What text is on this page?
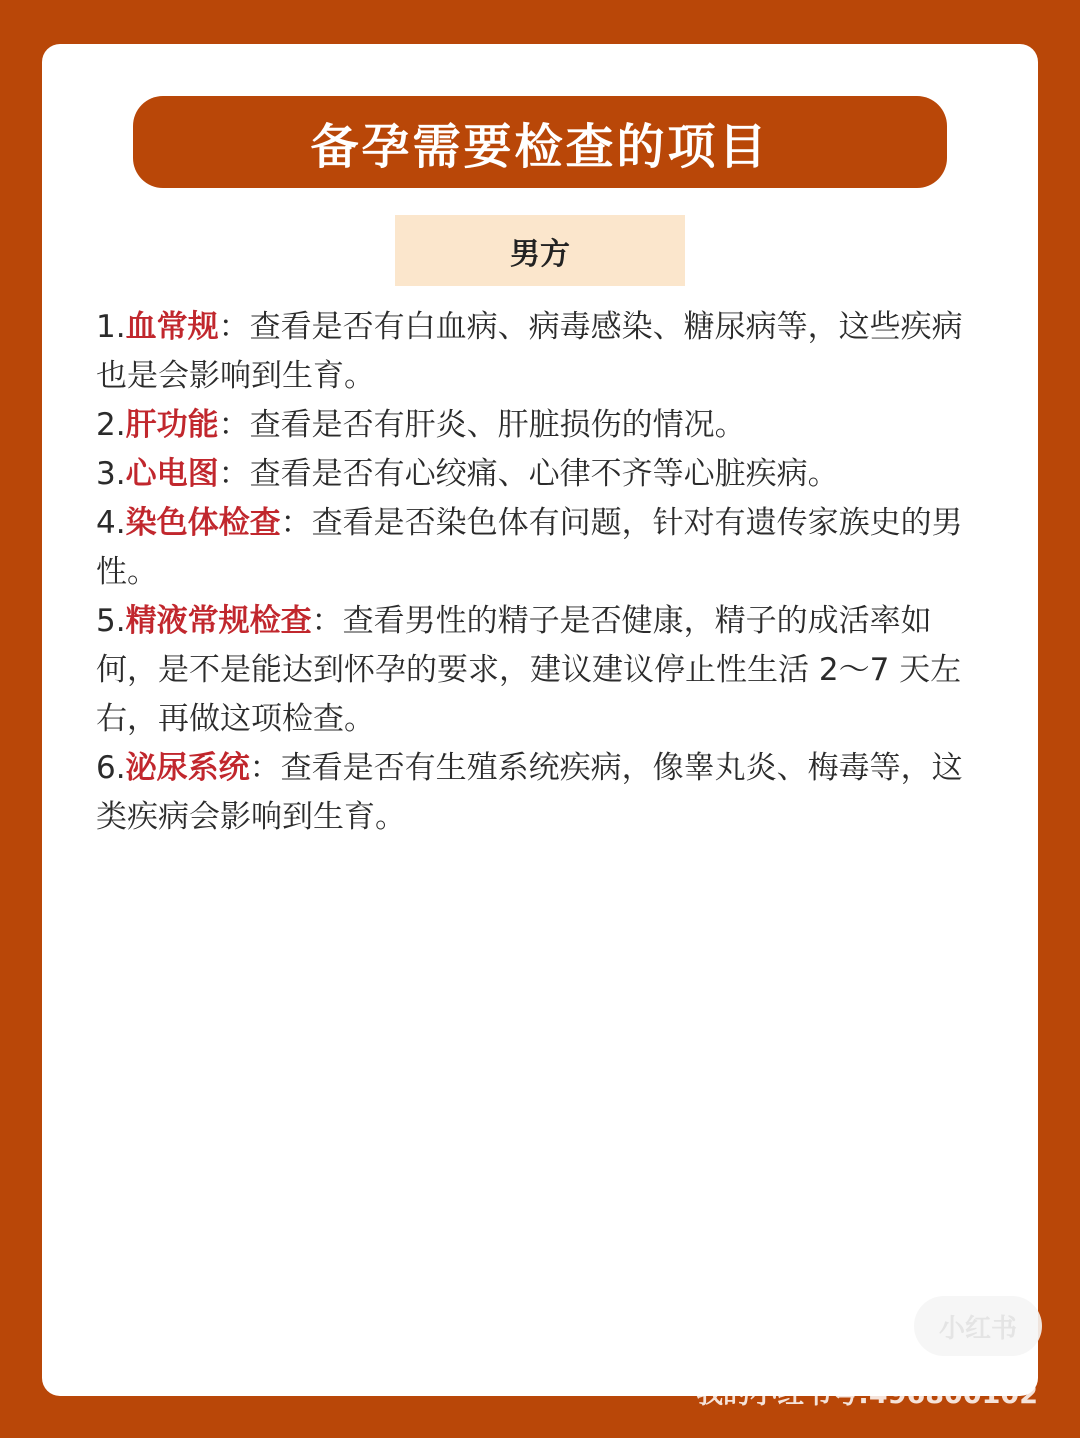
备孕需要检查的项目
男方
1.血常规：查看是否有白血病、病毒感染、糖尿病等，这些疾病也是会影响到生育。
2.肝功能：查看是否有肝炎、肝脏损伤的情况。
3.心电图：查看是否有心绞痛、心律不齐等心脏疾病。
4.染色体检查：查看是否染色体有问题，针对有遗传家族史的男性。
5.精液常规检查：查看男性的精子是否健康，精子的成活率如何，是不是能达到怀孕的要求，建议建议停止性生活 2～7 天左右，再做这项检查。
6.泌尿系统：查看是否有生殖系统疾病，像睾丸炎、梅毒等，这类疾病会影响到生育。
小红书
我的小红书号:496800102
